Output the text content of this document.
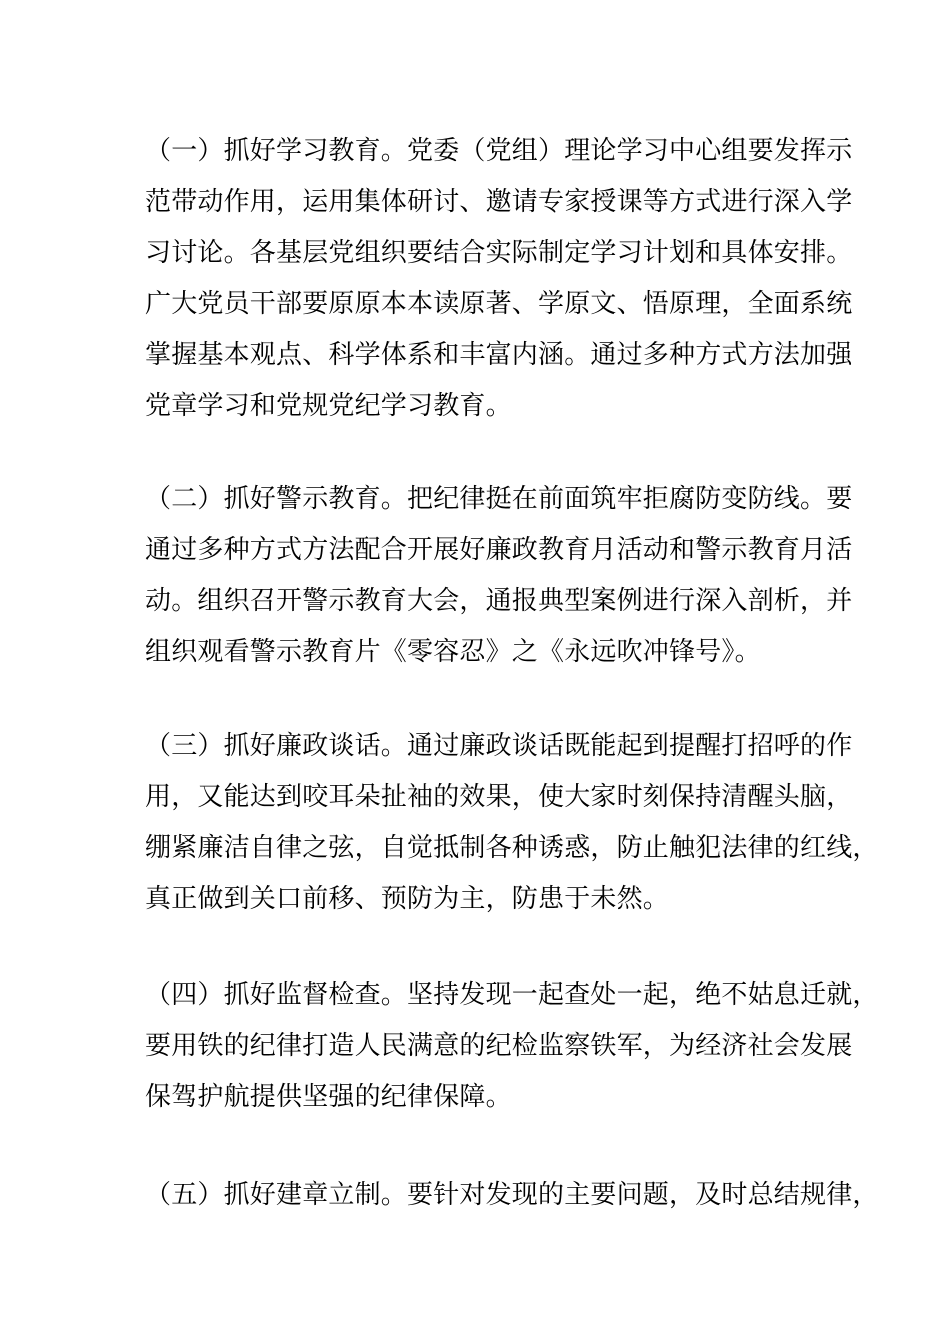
（一）抓好学习教育。党委（党组）理论学习中心组要发挥示
范带动作用，运用集体研讨、邀请专家授课等方式进行深入学
习讨论。各基层党组织要结合实际制定学习计划和具体安排。
广大党员干部要原原本本读原著、学原文、悟原理，全面系统
掌握基本观点、科学体系和丰富内涵。通过多种方式方法加强
党章学习和党规党纪学习教育。
（二）抓好警示教育。把纪律挺在前面筑牢拒腐防变防线。要
通过多种方式方法配合开展好廉政教育月活动和警示教育月活
动。组织召开警示教育大会，通报典型案例进行深入剖析，并
组织观看警示教育片《零容忍》之《永远吹冲锋号》。
（三）抓好廉政谈话。通过廉政谈话既能起到提醒打招呼的作
用，又能达到咬耳朵扯袖的效果，使大家时刻保持清醒头脑，
绷紧廉洁自律之弦，自觉抵制各种诱惑，防止触犯法律的红线，
真正做到关口前移、预防为主，防患于未然。
（四）抓好监督检查。坚持发现一起查处一起，绝不姑息迁就，
要用铁的纪律打造人民满意的纪检监察铁军，为经济社会发展
保驾护航提供坚强的纪律保障。
（五）抓好建章立制。要针对发现的主要问题，及时总结规律，
